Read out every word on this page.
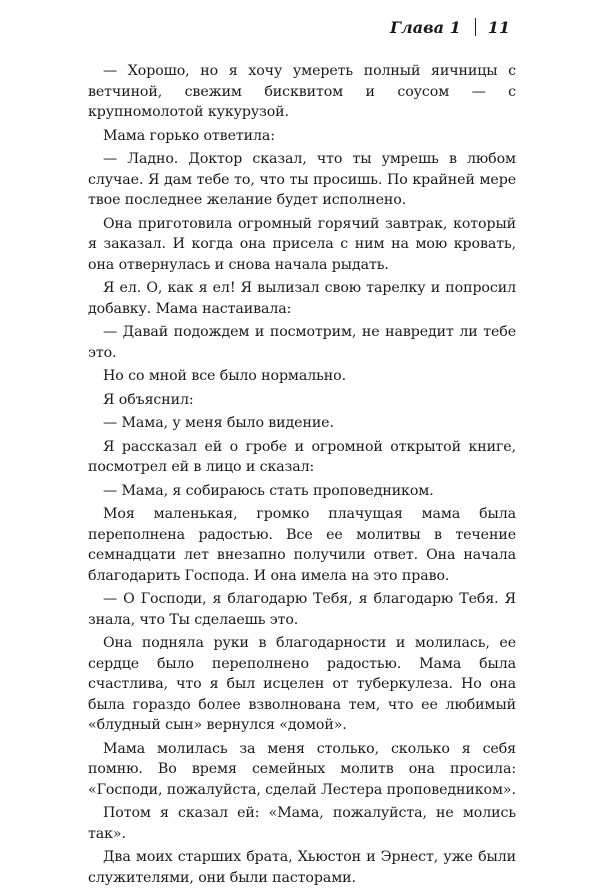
Глава 1 11

— Хорошо, но я хочу умереть полный яичницы с ветчиной, свежим бисквитом и соусом — с крупномолотой кукурузой.

Мама горько ответила:

— Ладно. Доктор сказал, что ты умрешь в любом случае. Я дам тебе то, что ты просишь. По крайней мере твое последнее желание будет исполнено.

Она приготовила огромный горячий завтрак, который я заказал. И когда она присела с ним на мою кровать, она отвернулась и снова начала рыдать.

Я ел. О, как я ел! Я вылизал свою тарелку и попросил добавку. Мама настаивала:

— Давай подождем и посмотрим, не навредит ли тебе это.

Но со мной все было нормально.

Я объяснил:

— Мама, у меня было видение.

Я рассказал ей о гробе и огромной открытой книге, посмотрел ей в лицо и сказал:

— Мама, я собираюсь стать проповедником.

Моя маленькая, громко плачущая мама была переполнена радостью. Все ее молитвы в течение семнадцати лет внезапно получили ответ. Она начала благодарить Господа. И она имела на это право.

— О Господи, я благодарю Тебя, я благодарю Тебя. Я знала, что Ты сделаешь это.

Она подняла руки в благодарности и молилась, ее сердце было переполнено радостью. Мама была счастлива, что я был исцелен от туберкулеза. Но она была гораздо более взволнована тем, что ее любимый «блудный сын» вернулся «домой».

Мама молилась за меня столько, сколько я себя помню. Во время семейных молитв она просила: «Господи, пожалуйста, сделай Лестера проповедником».

Потом я сказал ей: «Мама, пожалуйста, не молись так».

Два моих старших брата, Хьюстон и Эрнест, уже были служителями, они были пасторами.
